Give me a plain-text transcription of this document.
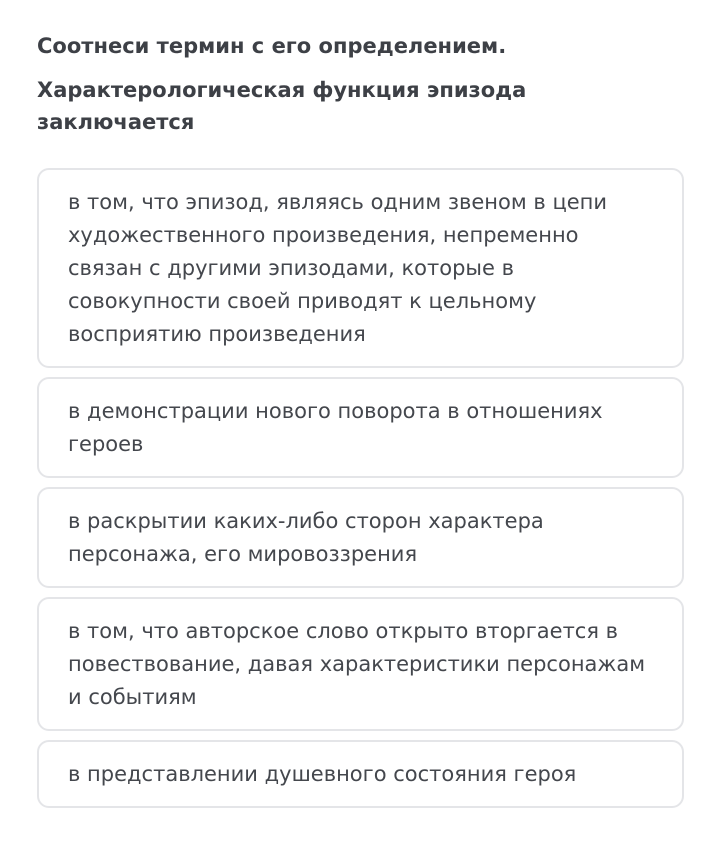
Соотнеси термин с его определением.
Характерологическая функция эпизода заключается
в том, что эпизод, являясь одним звеном в цепи художественного произведения, непременно связан с другими эпизодами, которые в совокупности своей приводят к цельному восприятию произведения
в демонстрации нового поворота в отношениях героев
в раскрытии каких-либо сторон характера персонажа, его мировоззрения
в том, что авторское слово открыто вторгается в повествование, давая характеристики персонажам и событиям
в представлении душевного состояния героя
